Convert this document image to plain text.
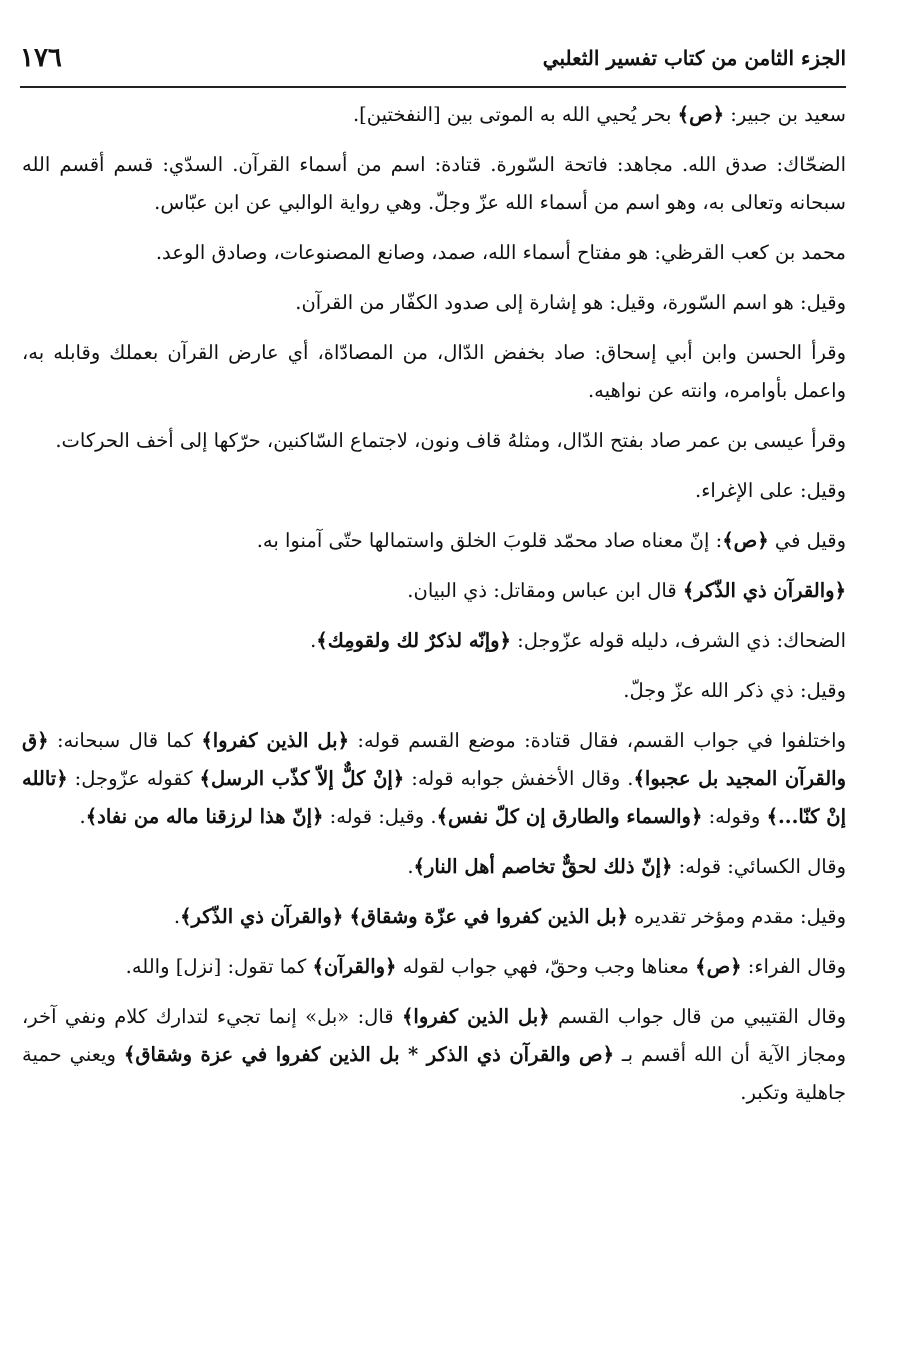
١٧٦	الجزء الثامن من كتاب تفسير الثعلبي

سعيد بن جبير: ﴿ص﴾ بحر يُحيي الله به الموتى بين [النفختين].

الضحّاك: صدق الله. مجاهد: فاتحة السّورة. قتادة: اسم من أسماء القرآن. السدّي: قسم أقسم الله سبحانه وتعالى به، وهو اسم من أسماء الله عزّ وجلّ. وهي رواية الوالبي عن ابن عبّاس.

محمد بن كعب القرظي: هو مفتاح أسماء الله، صمد، وصانع المصنوعات، وصادق الوعد.

وقيل: هو اسم السّورة، وقيل: هو إشارة إلى صدود الكفّار من القرآن.

وقرأ الحسن وابن أبي إسحاق: صاد بخفض الدّال، من المصادّاة، أي عارض القرآن بعملك وقابله به، واعمل بأوامره، وانته عن نواهيه.

وقرأ عيسى بن عمر صاد بفتح الدّال، ومثلهُ قاف ونون، لاجتماع السّاكنين، حرّكها إلى أخف الحركات.

وقيل: على الإغراء.

وقيل في ﴿ص﴾: إنّ معناه صاد محمّد قلوبَ الخلق واستمالها حتّى آمنوا به.

﴿والقرآن ذي الذّكر﴾ قال ابن عباس ومقاتل: ذي البيان.

الضحاك: ذي الشرف، دليله قوله عزّوجل: ﴿وإنّه لذكرٌ لك ولقومِك﴾.

وقيل: ذي ذكر الله عزّ وجلّ.

واختلفوا في جواب القسم، فقال قتادة: موضع القسم قوله: ﴿بل الذين كفروا﴾ كما قال سبحانه: ﴿ق والقرآن المجيد بل عجبوا﴾. وقال الأخفش جوابه قوله: ﴿إنْ كلٌّ إلاّ كذّب الرسل﴾ كقوله عزّوجل: ﴿تالله إنْ كنّا...﴾ وقوله: ﴿والسماء والطارق إن كلّ نفس﴾. وقيل: قوله: ﴿إنّ هذا لرزقنا ماله من نفاد﴾.

وقال الكسائي: قوله: ﴿إنّ ذلك لحقٌّ تخاصم أهل النار﴾.

وقيل: مقدم ومؤخر تقديره ﴿بل الذين كفروا في عزّة وشقاق﴾ ﴿والقرآن ذي الذّكر﴾.

وقال الفراء: ﴿ص﴾ معناها وجب وحقّ، فهي جواب لقوله ﴿والقرآن﴾ كما تقول: [نزل] والله.

وقال القتيبي من قال جواب القسم ﴿بل الذين كفروا﴾ قال: «بل» إنما تجيء لتدارك كلام ونفي آخر، ومجاز الآية أن الله أقسم بـ ﴿ص والقرآن ذي الذكر * بل الذين كفروا في عزة وشقاق﴾ ويعني حمية جاهلية وتكبر.
